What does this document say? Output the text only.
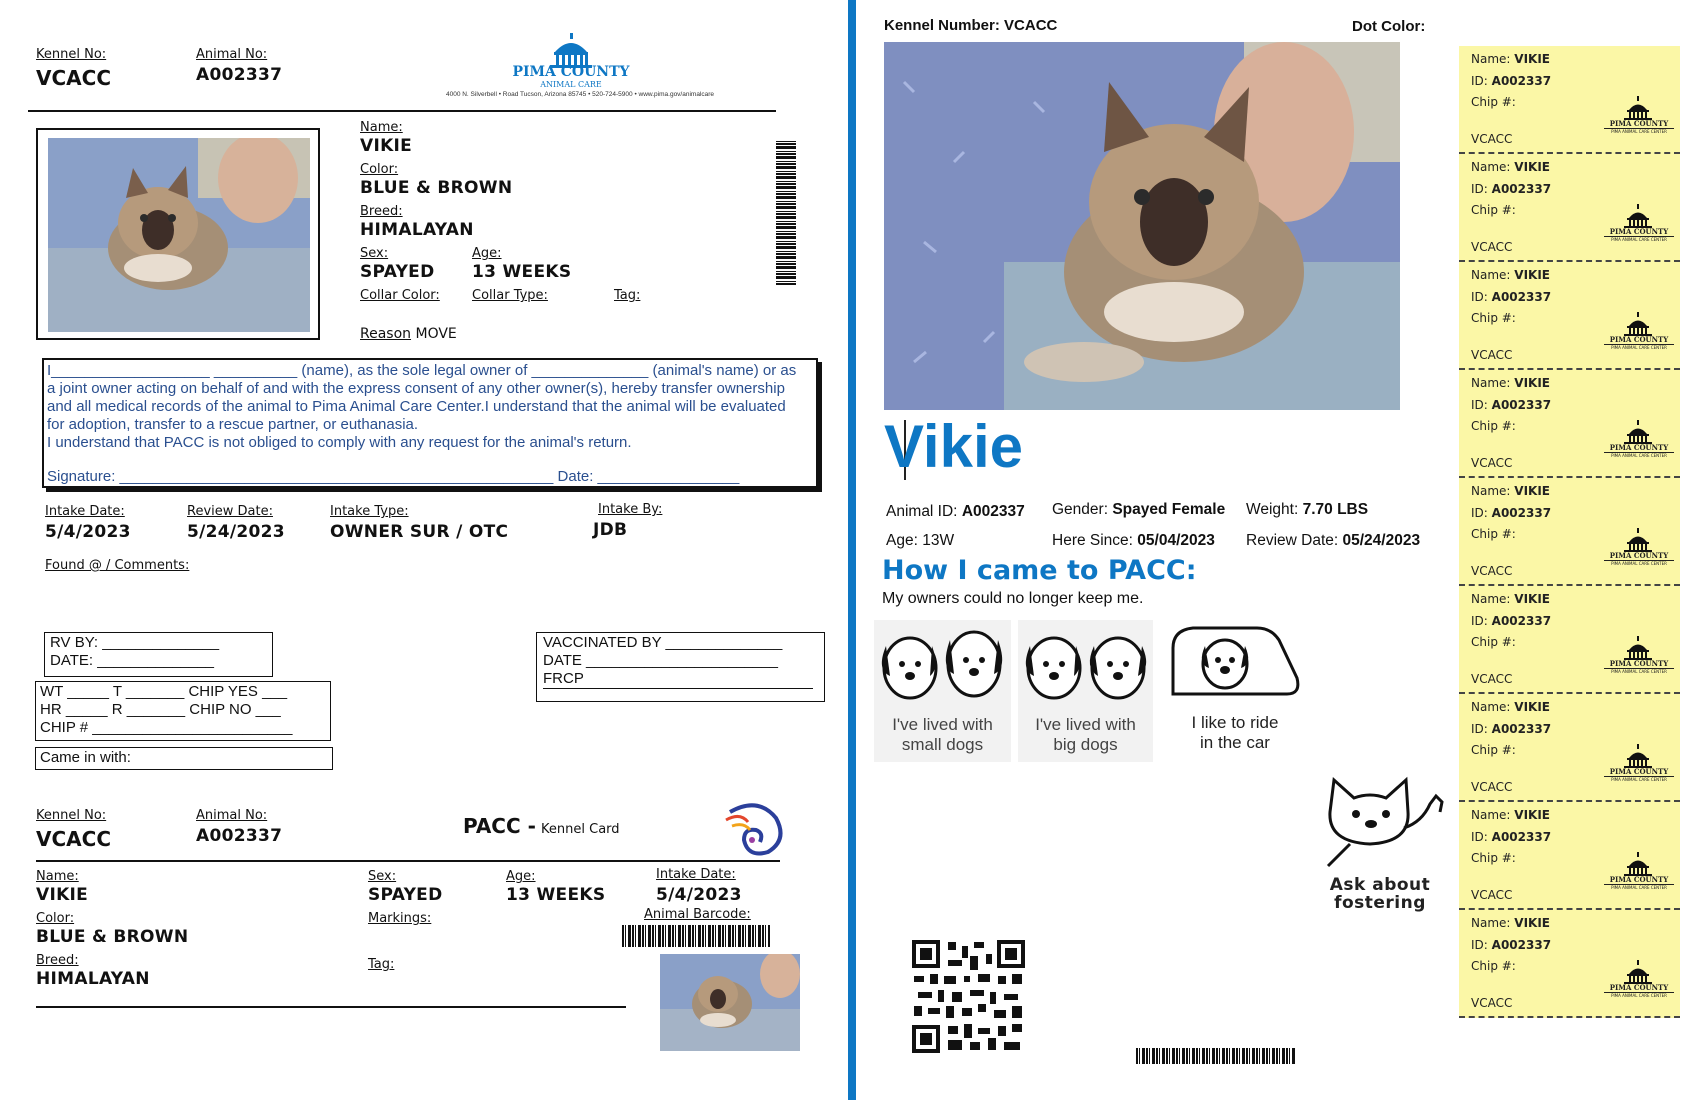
Kennel No:
VCACC
Animal No:
A002337	PIMA COUNTY
ANIMAL CARE
4000 N. Silverbell • Road Tucson, Arizona 85745 • 520-724-5900 • www.pima.gov/animalcare
Name:
VIKIE
Color:
BLUE & BROWN
Breed:
HIMALAYAN
Sex:
SPAYED
Age:
13 WEEKS
Collar Color: Collar Type:	Tag:
Reason MOVE
I___________________ __________ (name), as the sole legal owner of ______________ (animal's name) or as
a joint owner acting on behalf of and with the express consent of any other owner(s), hereby transfer ownership
and all medical records of the animal to Pima Animal Care Center.I understand that the animal will be evaluated
for adoption, transfer to a rescue partner, or euthanasia.
I understand that PACC is not obliged to comply with any request for the animal's return.
Signature: ____________________________________________________ Date: _________________
Intake Date:
5/4/2023
Review Date:
5/24/2023
Intake Type:
OWNER SUR / OTC
Intake By:
JDB
Found @ / Comments:
RV BY: ______________
DATE: ______________
WT _____ T _______ CHIP YES ___
HR _____ R _______ CHIP NO ___
CHIP # ________________________
Came in with:
VACCINATED BY ______________
DATE _______________________
FRCP
Kennel No:
VCACC
Animal No:
A002337	PACC - Kennel Card
Name:
VIKIE
Color:
BLUE & BROWN
Breed:
HIMALAYAN
Sex:
SPAYED
Markings:
Tag:
Age:
13 WEEKS
Intake Date:
5/4/2023
Animal Barcode:
Kennel Number: VCACC	Dot Color:
Vikie
Animal ID: A002337 Gender: Spayed Female Weight: 7.70 LBS
Age: 13W	Here Since: 05/04/2023 Review Date: 05/24/2023
How I came to PACC:
My owners could no longer keep me.
I've lived with
small dogs
I've lived with
big dogs
I like to ride
in the car
Ask about
fostering
Name: VIKIE
ID: A002337
Chip #:
VCACC
PIMA COUNTY
PIMA ANIMAL CARE CENTER
Name: VIKIE
ID: A002337
Chip #:
VCACC
PIMA COUNTY
PIMA ANIMAL CARE CENTER
Name: VIKIE
ID: A002337
Chip #:
VCACC
PIMA COUNTY
PIMA ANIMAL CARE CENTER
Name: VIKIE
ID: A002337
Chip #:
VCACC
PIMA COUNTY
PIMA ANIMAL CARE CENTER
Name: VIKIE
ID: A002337
Chip #:
VCACC
PIMA COUNTY
PIMA ANIMAL CARE CENTER
Name: VIKIE
ID: A002337
Chip #:
VCACC
PIMA COUNTY
PIMA ANIMAL CARE CENTER
Name: VIKIE
ID: A002337
Chip #:
VCACC
PIMA COUNTY
PIMA ANIMAL CARE CENTER
Name: VIKIE
ID: A002337
Chip #:
VCACC
PIMA COUNTY
PIMA ANIMAL CARE CENTER
Name: VIKIE
ID: A002337
Chip #:
VCACC
PIMA COUNTY
PIMA ANIMAL CARE CENTER
